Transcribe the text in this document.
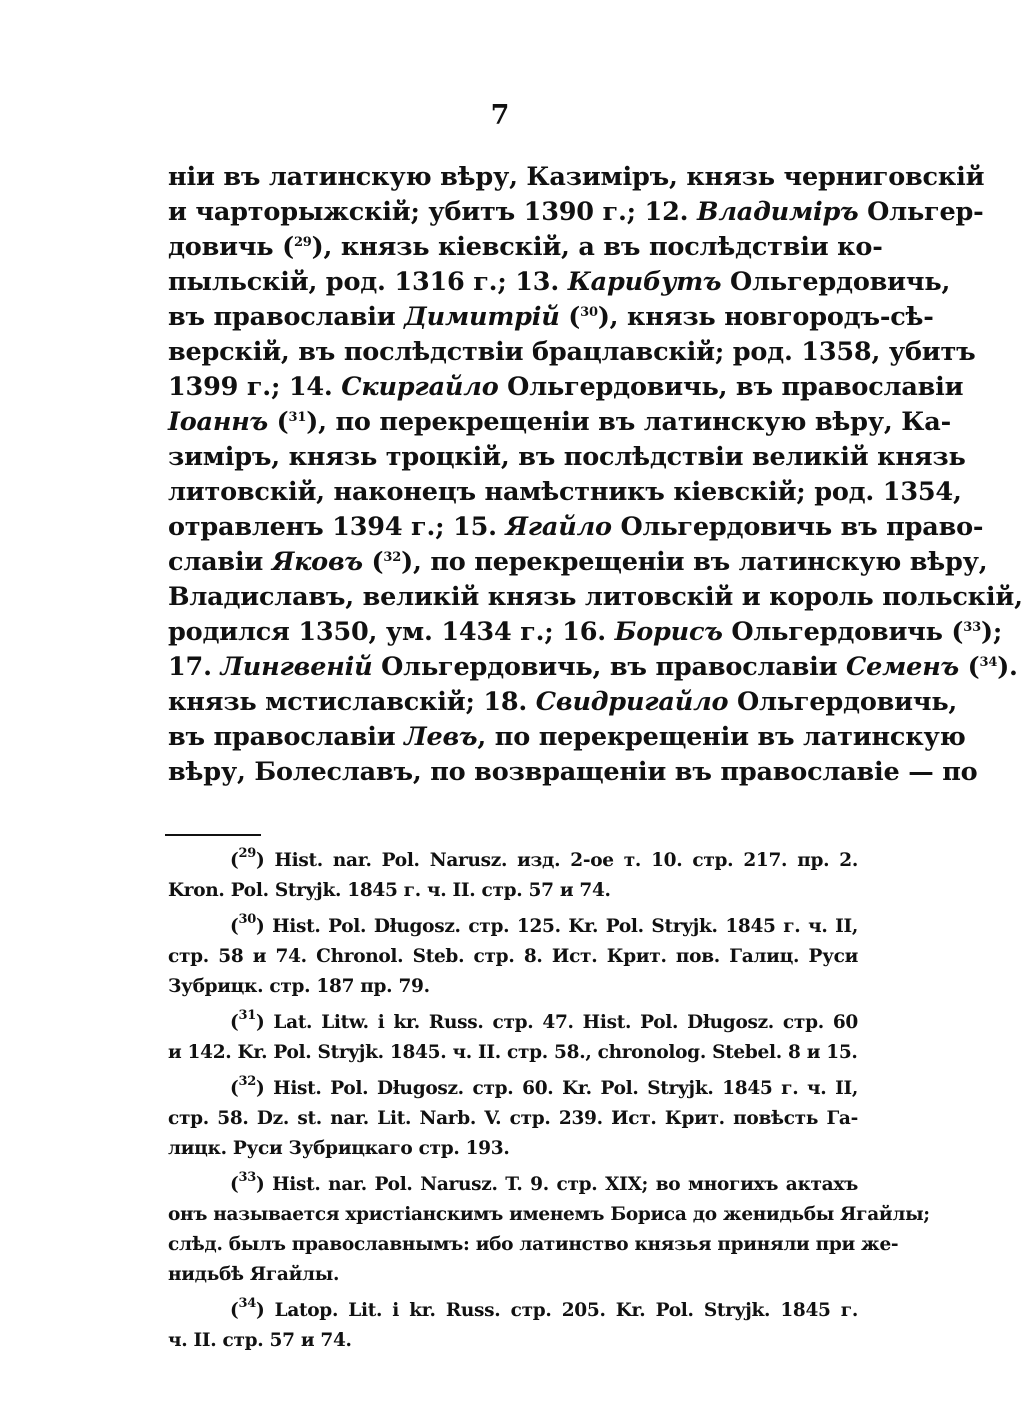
7
ніи въ латинскую вѣру, Казиміръ, князь черниговскій
и чарторыжскій; убитъ 1390 г.; 12. Владиміръ Ольгер-
довичь ($^{29}$), князь кіевскій, а въ послѣдствіи ко-
пыльскій, род. 1316 г.; 13. Карибутъ Ольгердовичь,
въ православіи Димитрій ($^{30}$), князь новгородъ-сѣ-
верскій, въ послѣдствіи брацлавскій; род. 1358, убитъ
1399 г.; 14. Скиргайло Ольгердовичь, въ православіи
Іоаннъ ($^{31}$), по перекрещеніи въ латинскую вѣру, Ка-
зиміръ, князь троцкій, въ послѣдствіи великій князь
литовскій, наконецъ намѣстникъ кіевскій; род. 1354,
отравленъ 1394 г.; 15. Ягайло Ольгердовичь въ право-
славіи Яковъ ($^{32}$), по перекрещеніи въ латинскую вѣру,
Владиславъ, великій князь литовскій и король польскій,
родился 1350, ум. 1434 г.; 16. Борисъ Ольгердовичь ($^{33}$);
17. Лингвеній Ольгердовичь, въ православіи Семенъ ($^{34}$).
князь мстиславскій; 18. Свидригайло Ольгердовичь,
въ православіи Левъ, по перекрещеніи въ латинскую
вѣру, Болеславъ, по возвращеніи въ православіе — по
($^{29}$) Hist. nar. Pol. Narusz. изд. 2-ое т. 10. стр. 217. пр. 2.
Kron. Pol. Stryjk. 1845 г. ч. II. стр. 57 и 74.
($^{30}$) Hist. Pol. Długosz. стр. 125. Kr. Pol. Stryjk. 1845 г. ч. II,
стр. 58 и 74. Chronol. Steb. стр. 8. Ист. Крит. пов. Галиц. Руси
Зубрицк. стр. 187 пр. 79.
($^{31}$) Lat. Litw. i kr. Russ. стр. 47. Hist. Pol. Długosz. стр. 60
и 142. Kr. Pol. Stryjk. 1845. ч. II. стр. 58., chronolog. Stebel. 8 и 15.
($^{32}$) Hist. Pol. Długosz. стр. 60. Kr. Pol. Stryjk. 1845 г. ч. II,
стр. 58. Dz. st. nar. Lit. Narb. V. стр. 239. Ист. Крит. повѣсть Га-
лицк. Руси Зубрицкаго стр. 193.
($^{33}$) Hist. nar. Pol. Narusz. T. 9. стр. XIX; во многихъ актахъ
онъ называется христіанскимъ именемъ Бориса до женидьбы Ягайлы;
слѣд. былъ православнымъ: ибо латинство князья приняли при же-
нидьбѣ Ягайлы.
($^{34}$) Latop. Lit. i kr. Russ. стр. 205. Kr. Pol. Stryjk. 1845 г.
ч. II. стр. 57 и 74.
